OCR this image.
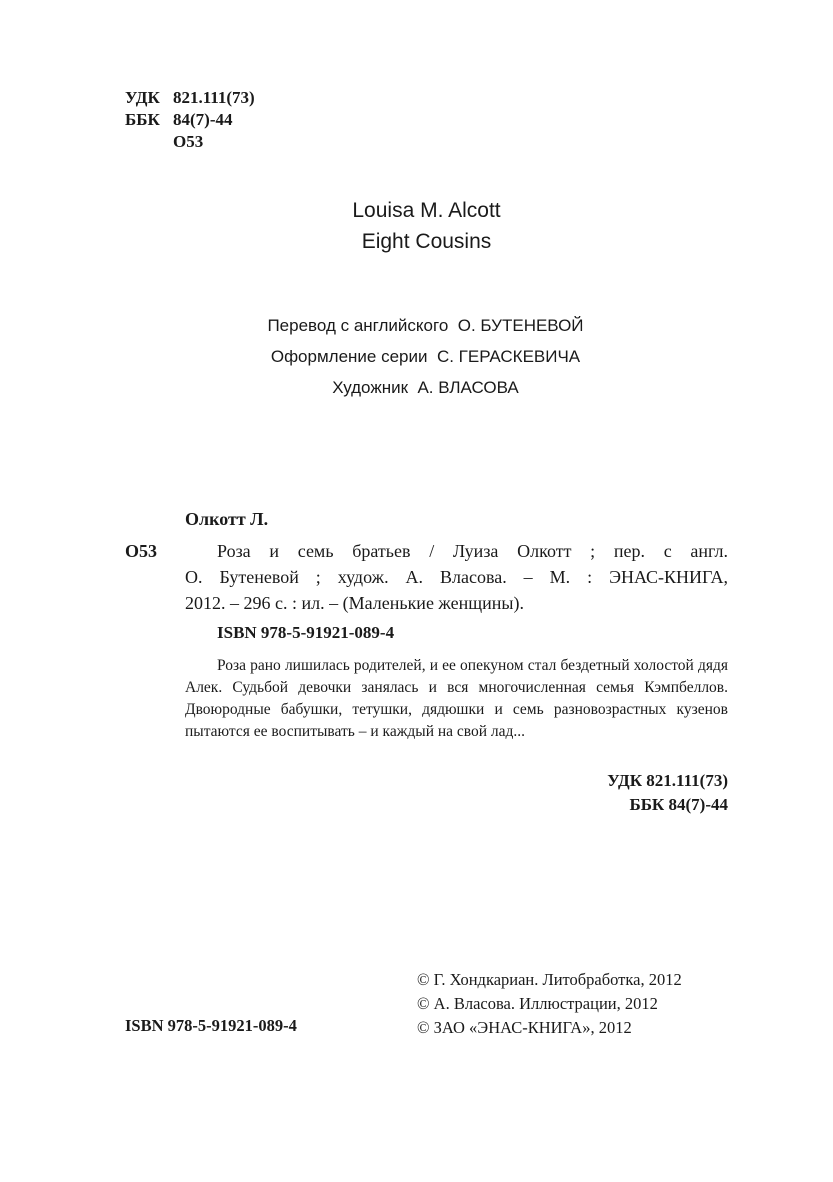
УДК 821.111(73)
ББК 84(7)-44
О53
Louisa M. Alcott
Eight Cousins
Перевод с английского О. БУТЕНЕВОЙ
Оформление серии С. ГЕРАСКЕВИЧА
Художник А. ВЛАСОВА
Олкотт Л.
О53	Роза и семь братьев / Луиза Олкотт ; пер. с англ.
О. Бутеневой ; худож. А. Власова. – М. : ЭНАС-КНИГА,
2012. – 296 с. : ил. – (Маленькие женщины).
ISBN 978-5-91921-089-4
Роза рано лишилась родителей, и ее опекуном стал бездетный холостой дядя Алек. Судьбой девочки занялась и вся многочисленная семья Кэмпбеллов. Двоюродные бабушки, тетушки, дядюшки и семь разновозрастных кузенов пытаются ее воспитывать – и каждый на свой лад...
УДК 821.111(73)
ББК 84(7)-44
ISBN 978-5-91921-089-4
© Г. Хондкариан. Литобработка, 2012
© А. Власова. Иллюстрации, 2012
© ЗАО «ЭНАС-КНИГА», 2012
